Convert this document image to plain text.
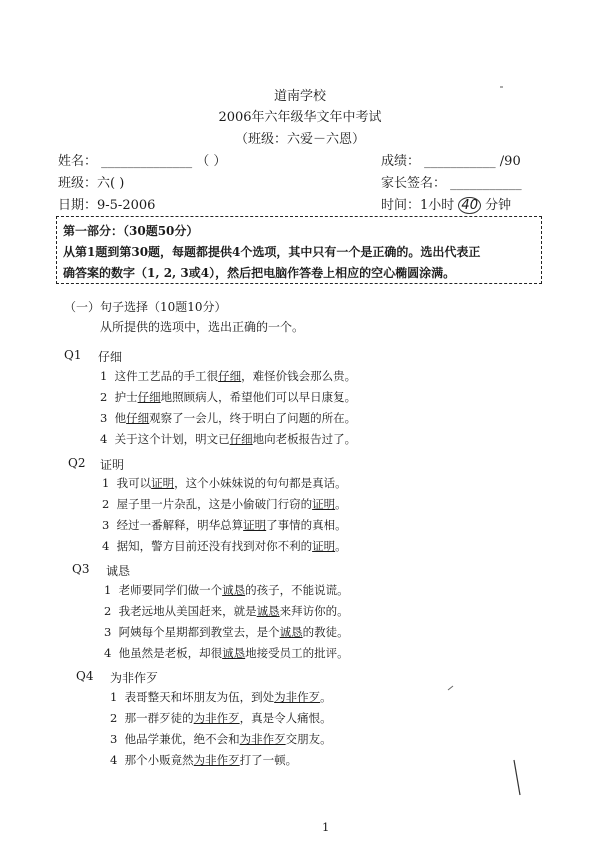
道南学校
2006年六年级华文年中考试
（班级：六爱－六恩）
姓名： ______________ （ ）
班级：六( )
日期：9-5-2006
成绩： ___________ /90
家长签名： ___________
时间：1小时 40 分钟
第一部分：（30题50分）
从第1题到第30题，每题都提供4个选项，其中只有一个是正确的。选出代表正
确答案的数字（1, 2, 3或4），然后把电脑作答卷上相应的空心椭圆涂满。
（一）句子选择（10题10分）
从所提供的选项中，选出正确的一个。
Q1 仔细
1 这件工艺品的手工很仔细，难怪价钱会那么贵。
2 护士仔细地照顾病人，希望他们可以早日康复。
3 他仔细观察了一会儿，终于明白了问题的所在。
4 关于这个计划，明文已仔细地向老板报告过了。
Q2 证明
1 我可以证明，这个小妹妹说的句句都是真话。
2 屋子里一片杂乱，这是小偷破门行窃的证明。
3 经过一番解释，明华总算证明了事情的真相。
4 据知，警方目前还没有找到对你不利的证明。
Q3 诚恳
1 老师要同学们做一个诚恳的孩子，不能说谎。
2 我老远地从美国赶来，就是诚恳来拜访你的。
3 阿姨每个星期都到教堂去，是个诚恳的教徒。
4 他虽然是老板，却很诚恳地接受员工的批评。
Q4 为非作歹
1 表哥整天和坏朋友为伍，到处为非作歹。
2 那一群歹徒的为非作歹，真是令人痛恨。
3 他品学兼优，绝不会和为非作歹交朋友。
4 那个小贩竟然为非作歹打了一顿。
1
